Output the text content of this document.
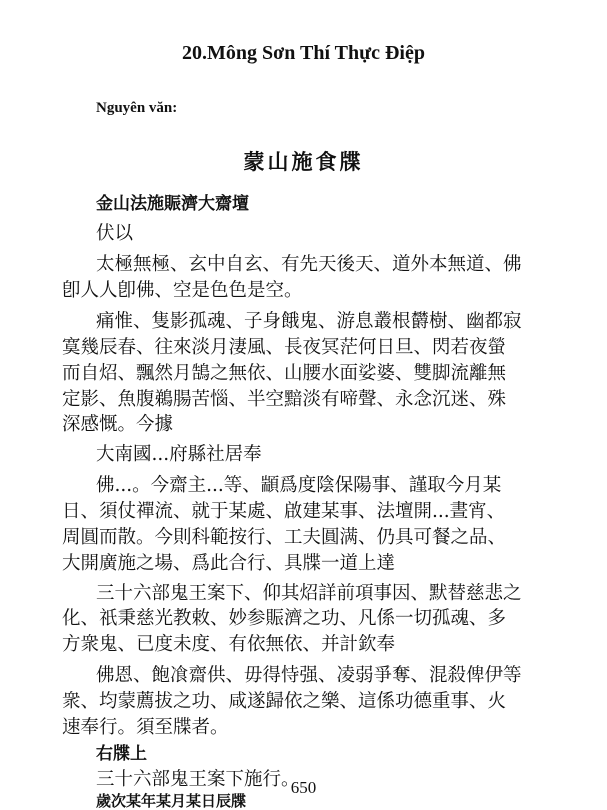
20.Mông Sơn Thí Thực Điệp
Nguyên văn:
蒙山施食牒
金山法施賑濟大齋壇
伏以
太極無極、玄中自玄、有先天後天、道外本無道、佛
卽人人卽佛、空是色色是空。
痛惟、隻影孤魂、子身餓鬼、游息叢根欝樹、幽都寂
寞幾辰春、往來淡月淒風、長夜冥茫何日旦、閃若夜螢
而自炤、飄然月鵠之無依、山腰水面娑婆、雙脚流離無
定影、魚腹鵜腸苦惱、半空黯淡有啼聲、永念沉迷、殊
深感慨。今據
大南國...府縣社居奉
佛...。今齋主...等、顓爲度陰保陽事、謹取今月某
日、須仗禪流、就于某處、啟建某事、法壇開...晝宵、
周圓而散。今則科範按行、工夫圓满、仍具可餐之品、
大開廣施之場、爲此合行、具牒一道上達
三十六部鬼王案下、仰其炤詳前項事因、默替慈悲之
化、祇秉慈光教敕、妙参賑濟之功、凡係一切孤魂、多
方衆鬼、已度未度、有依無依、并計欽奉
佛恩、飽飡齋供、毋得恃强、凌弱爭奪、混殺俾伊等
衆、均蒙薦拔之功、咸遂歸依之樂、這係功德重事、火
速奉行。須至牒者。
右牒上
三十六部鬼王案下施行。
歲次某年某月某日辰牒
650
